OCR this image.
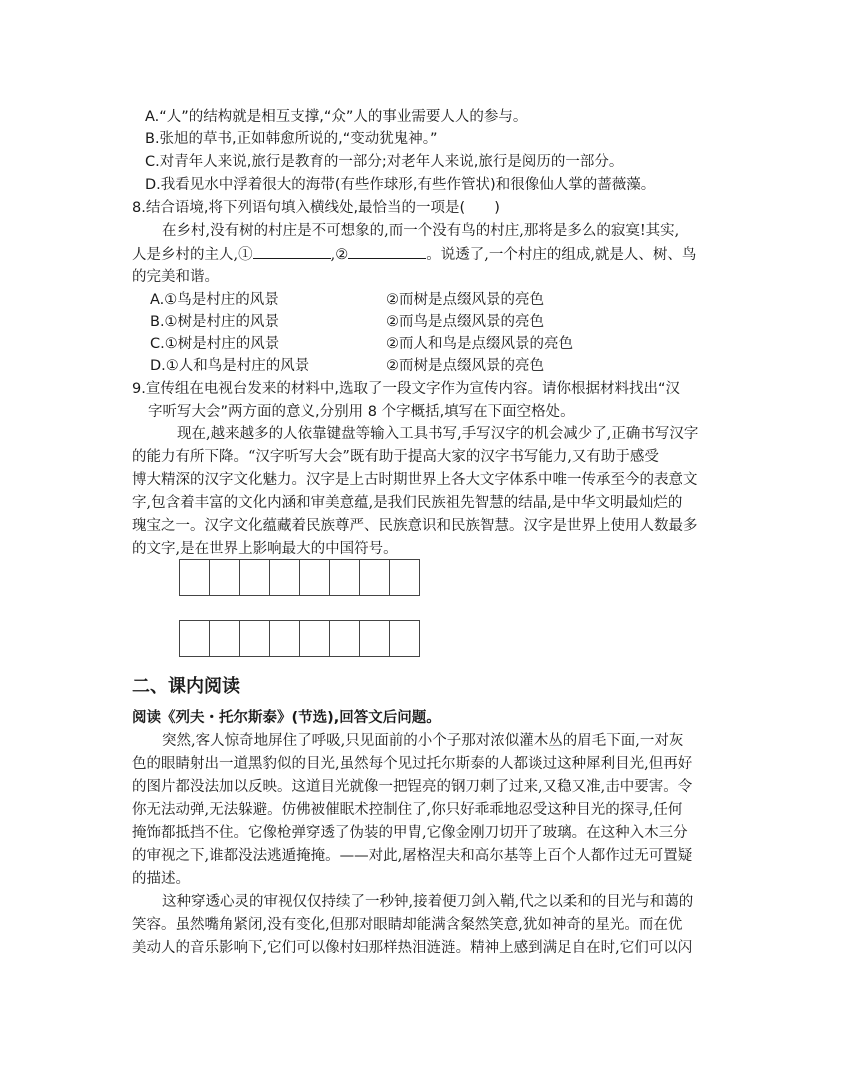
A.“人”的结构就是相互支撑,“众”人的事业需要人人的参与。
B.张旭的草书,正如韩愈所说的,“变动犹鬼神。”
C.对青年人来说,旅行是教育的一部分;对老年人来说,旅行是阅历的一部分。
D.我看见水中浮着很大的海带(有些作球形,有些作管状)和很像仙人掌的蔷薇藻。
8.结合语境,将下列语句填入横线处,最恰当的一项是(　　)
在乡村,没有树的村庄是不可想象的,而一个没有鸟的村庄,那将是多么的寂寞!其实,
人是乡村的主人,①	,②	。说透了,一个村庄的组成,就是人、树、鸟
的完美和谐。
A.①鸟是村庄的风景	②而树是点缀风景的亮色
B.①树是村庄的风景	②而鸟是点缀风景的亮色
C.①树是村庄的风景	②而人和鸟是点缀风景的亮色
D.①人和鸟是村庄的风景	②而树是点缀风景的亮色
9.宣传组在电视台发来的材料中,选取了一段文字作为宣传内容。请你根据材料找出“汉
字听写大会”两方面的意义,分别用 8 个字概括,填写在下面空格处。
现在,越来越多的人依靠键盘等输入工具书写,手写汉字的机会减少了,正确书写汉字
的能力有所下降。“汉字听写大会”既有助于提高大家的汉字书写能力,又有助于感受
博大精深的汉字文化魅力。汉字是上古时期世界上各大文字体系中唯一传承至今的表意文
字,包含着丰富的文化内涵和审美意蕴,是我们民族祖先智慧的结晶,是中华文明最灿烂的
瑰宝之一。汉字文化蕴藏着民族尊严、民族意识和民族智慧。汉字是世界上使用人数最多
的文字,是在世界上影响最大的中国符号。
二、课内阅读
阅读《列夫・托尔斯泰》(节选),回答文后问题。
突然,客人惊奇地屏住了呼吸,只见面前的小个子那对浓似灌木丛的眉毛下面,一对灰
色的眼睛射出一道黑豹似的目光,虽然每个见过托尔斯泰的人都谈过这种犀利目光,但再好
的图片都没法加以反映。这道目光就像一把锃亮的钢刀刺了过来,又稳又准,击中要害。令
你无法动弹,无法躲避。仿佛被催眠术控制住了,你只好乖乖地忍受这种目光的探寻,任何
掩饰都抵挡不住。它像枪弹穿透了伪装的甲胄,它像金刚刀切开了玻璃。在这种入木三分
的审视之下,谁都没法逃遁掩掩。——对此,屠格涅夫和高尔基等上百个人都作过无可置疑
的描述。
这种穿透心灵的审视仅仅持续了一秒钟,接着便刀剑入鞘,代之以柔和的目光与和蔼的
笑容。虽然嘴角紧闭,没有变化,但那对眼睛却能满含粲然笑意,犹如神奇的星光。而在优
美动人的音乐影响下,它们可以像村妇那样热泪涟涟。精神上感到满足自在时,它们可以闪
